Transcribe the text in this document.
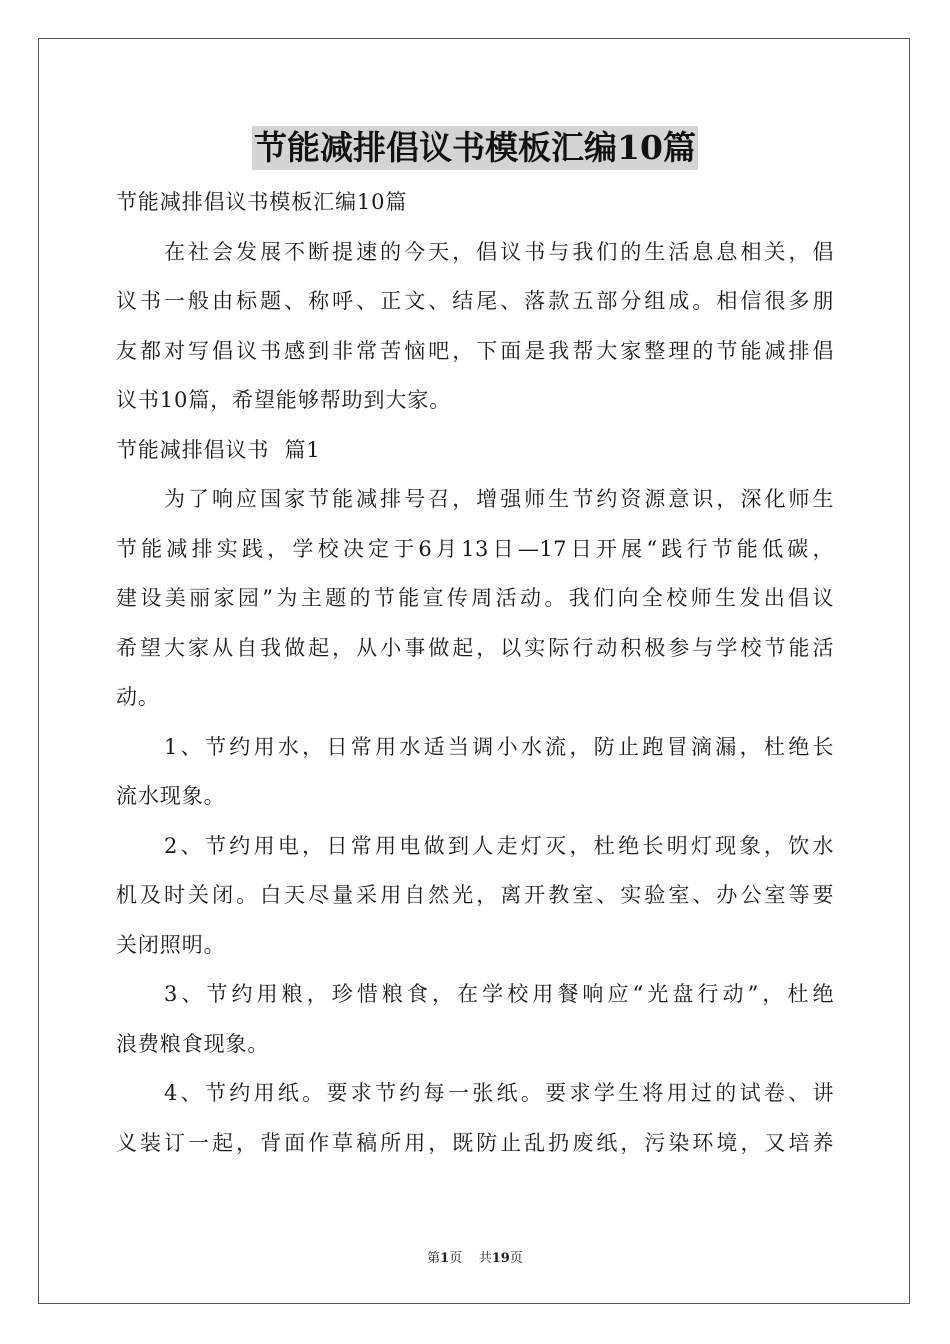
节能减排倡议书模板汇编10篇
节能减排倡议书模板汇编10篇
在社会发展不断提速的今天，倡议书与我们的生活息息相关，倡
议书一般由标题、称呼、正文、结尾、落款五部分组成。相信很多朋
友都对写倡议书感到非常苦恼吧，下面是我帮大家整理的节能减排倡
议书10篇，希望能够帮助到大家。
节能减排倡议书  篇1
为了响应国家节能减排号召，增强师生节约资源意识，深化师生
节能减排实践，学校决定于6月13日—17日开展“践行节能低碳，
建设美丽家园”为主题的节能宣传周活动。我们向全校师生发出倡议
希望大家从自我做起，从小事做起，以实际行动积极参与学校节能活
动。
1、节约用水，日常用水适当调小水流，防止跑冒滴漏，杜绝长
流水现象。
2、节约用电，日常用电做到人走灯灭，杜绝长明灯现象，饮水
机及时关闭。白天尽量采用自然光，离开教室、实验室、办公室等要
关闭照明。
3、节约用粮，珍惜粮食，在学校用餐响应“光盘行动”，杜绝
浪费粮食现象。
4、节约用纸。要求节约每一张纸。要求学生将用过的试卷、讲
义装订一起，背面作草稿所用，既防止乱扔废纸，污染环境，又培养
第1页 共19页
